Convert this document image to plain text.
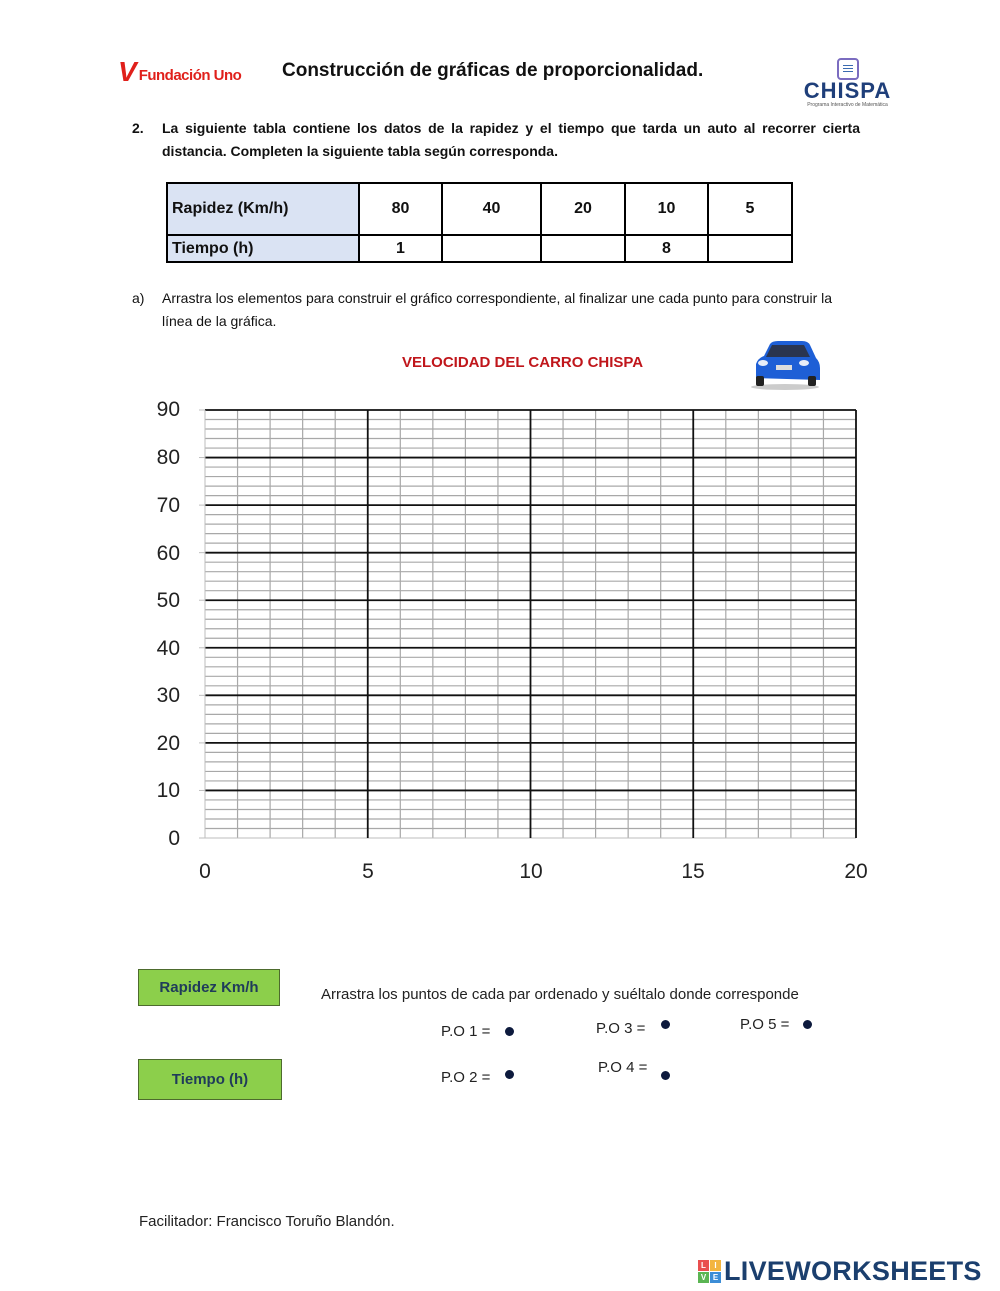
V Fundación Uno Construcción de gráficas de proporcionalidad.
CHISPA
Programa Interactivo de Matemática
2. La siguiente tabla contiene los datos de la rapidez y el tiempo que tarda un auto al recorrer cierta distancia. Completen la siguiente tabla según corresponda.
Rapidez (Km/h)	80	40	20	10	5
Tiempo (h)	1			8	
a) Arrastra los elementos para construir el gráfico correspondiente, al finalizar une cada punto para construir la línea de la gráfica.
VELOCIDAD DEL CARRO CHISPA
90
80
70
60
50
40
30
20
10
0
0	5	10	15	20
Rapidez Km/h
Tiempo (h)
Arrastra los puntos de cada par ordenado y suéltalo donde corresponde
P.O 1 =
P.O 2 =
P.O 3 =
P.O 4 =
P.O 5 =
Facilitador: Francisco Toruño Blandón.
L	I
V E LIVEWORKSHEETS
